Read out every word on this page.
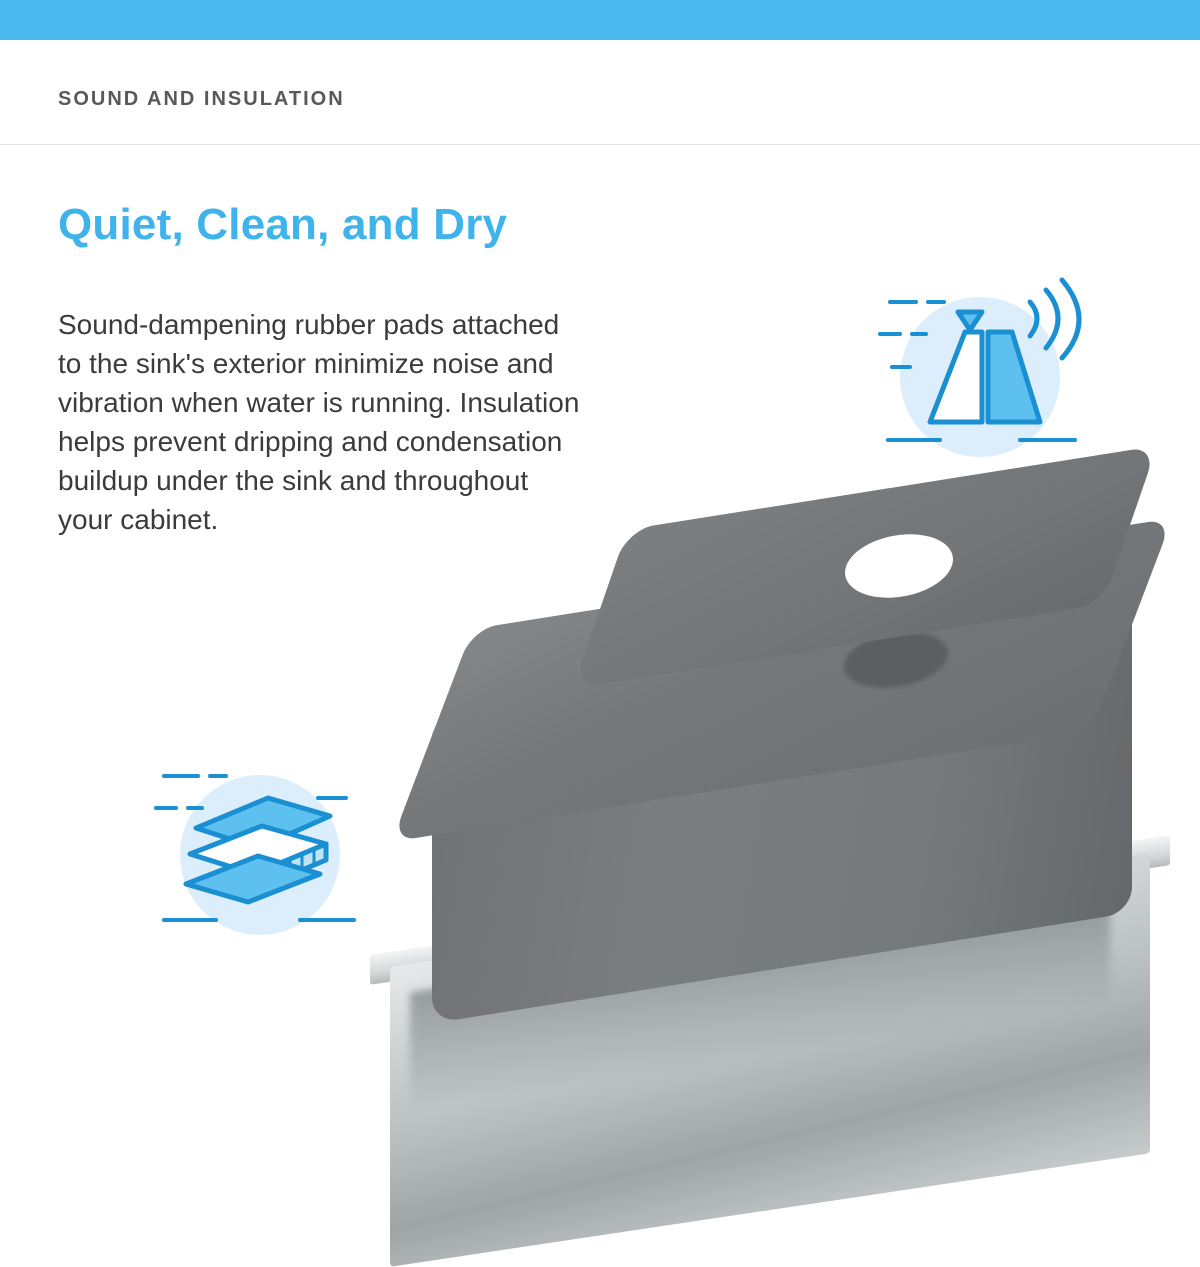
SOUND AND INSULATION
Quiet, Clean, and Dry
Sound-dampening rubber pads attached to the sink's exterior minimize noise and vibration when water is running. Insulation helps prevent dripping and condensation buildup under the sink and throughout your cabinet.
